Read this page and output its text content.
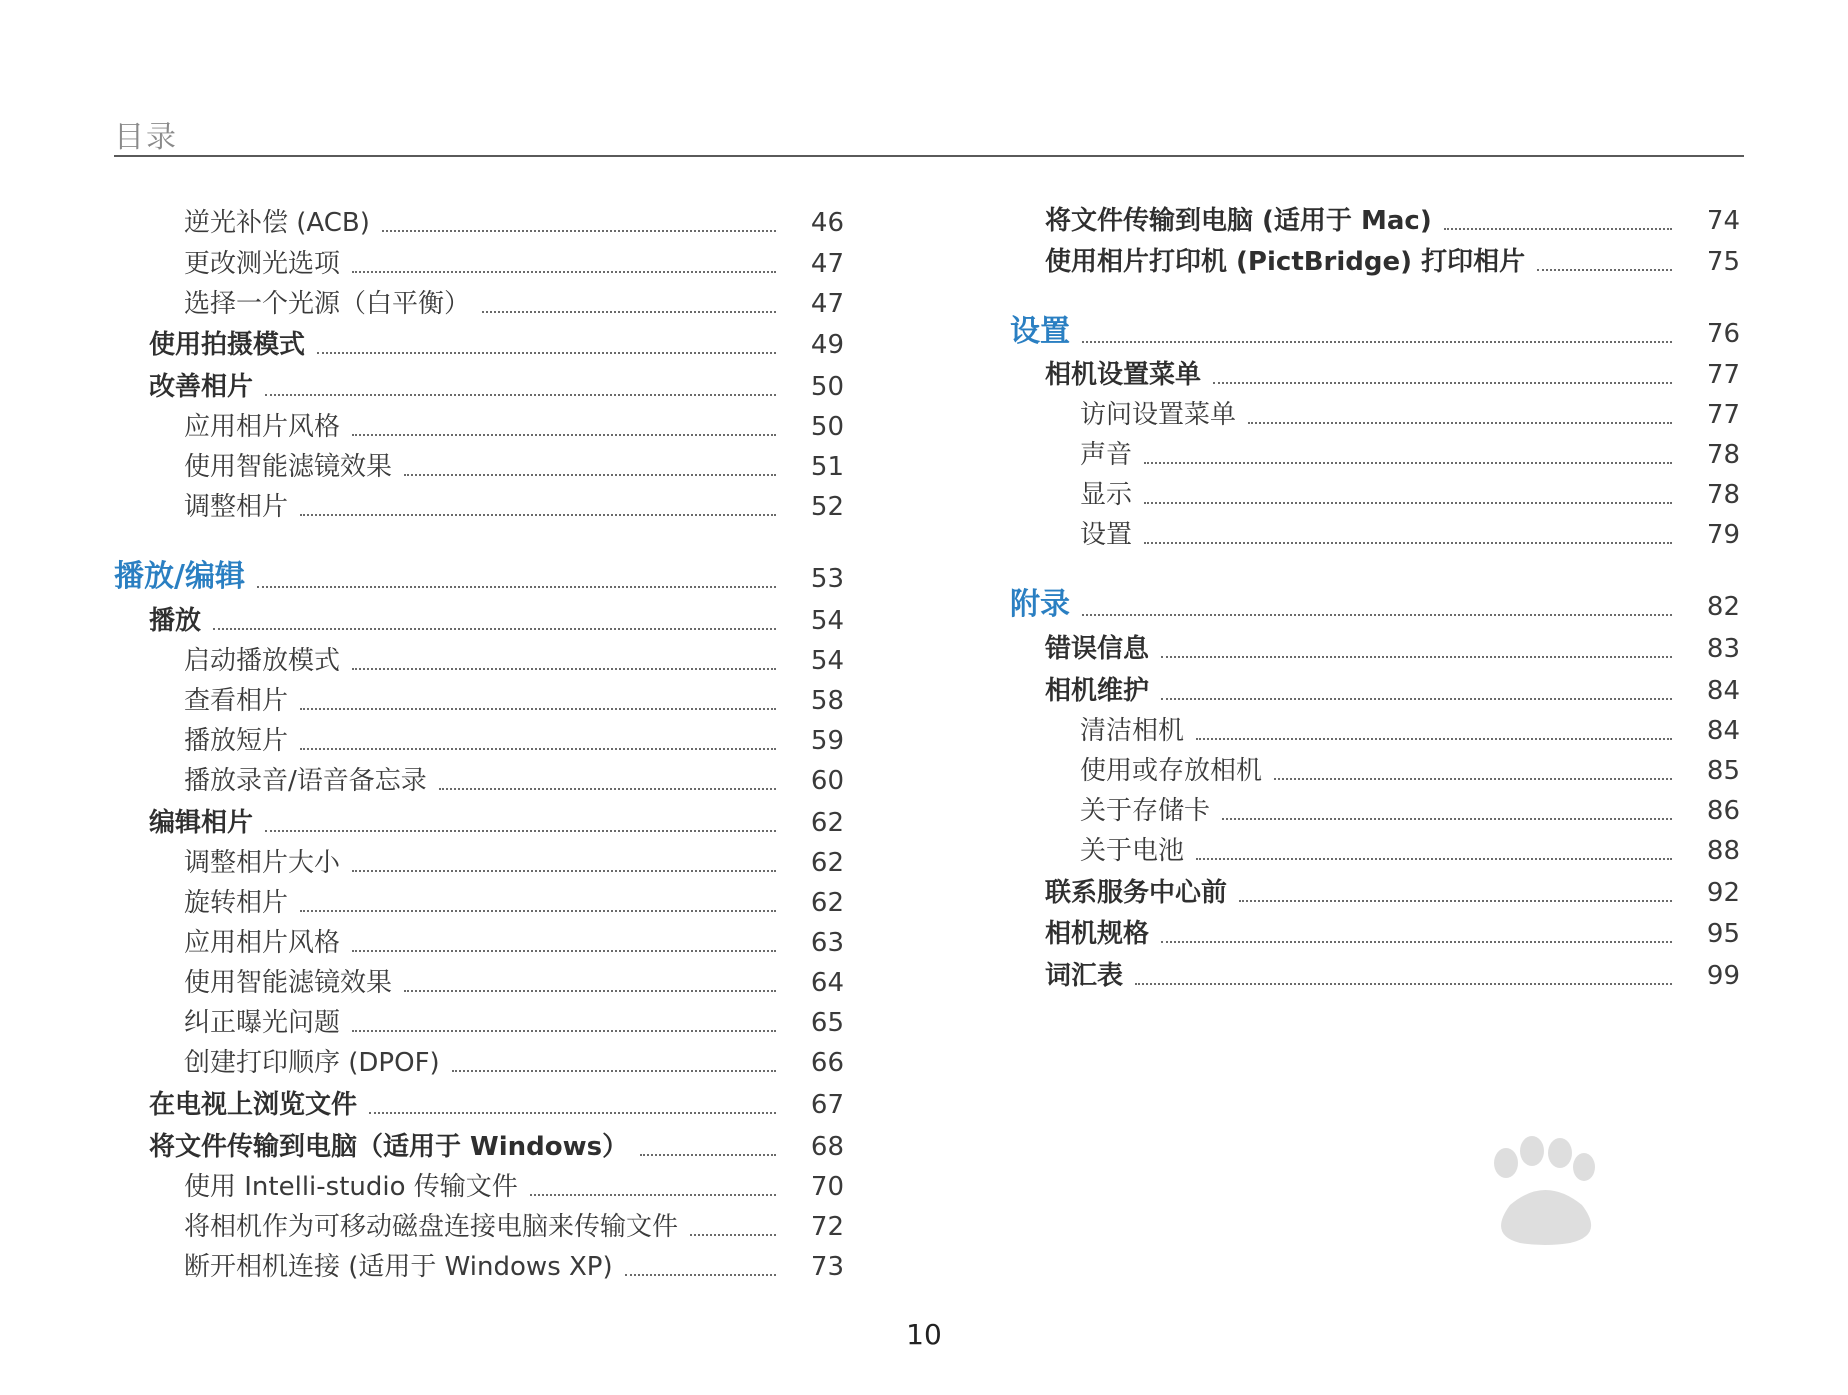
目录
逆光补偿 (ACB)	46
更改测光选项	47
选择一个光源（白平衡）	47
使用拍摄模式	49
改善相片	50
应用相片风格	50
使用智能滤镜效果	51
调整相片	52
播放/编辑	53
播放	54
启动播放模式	54
查看相片	58
播放短片	59
播放录音/语音备忘录	60
编辑相片	62
调整相片大小	62
旋转相片	62
应用相片风格	63
使用智能滤镜效果	64
纠正曝光问题	65
创建打印顺序 (DPOF)	66
在电视上浏览文件	67
将文件传输到电脑（适用于 Windows）	68
使用 Intelli-studio 传输文件	70
将相机作为可移动磁盘连接电脑来传输文件	72
断开相机连接 (适用于 Windows XP)	73
将文件传输到电脑 (适用于 Mac)	74
使用相片打印机 (PictBridge) 打印相片	75
设置	76
相机设置菜单	77
访问设置菜单	77
声音	78
显示	78
设置	79
附录	82
错误信息	83
相机维护	84
清洁相机	84
使用或存放相机	85
关于存储卡	86
关于电池	88
联系服务中心前	92
相机规格	95
词汇表	99
10
